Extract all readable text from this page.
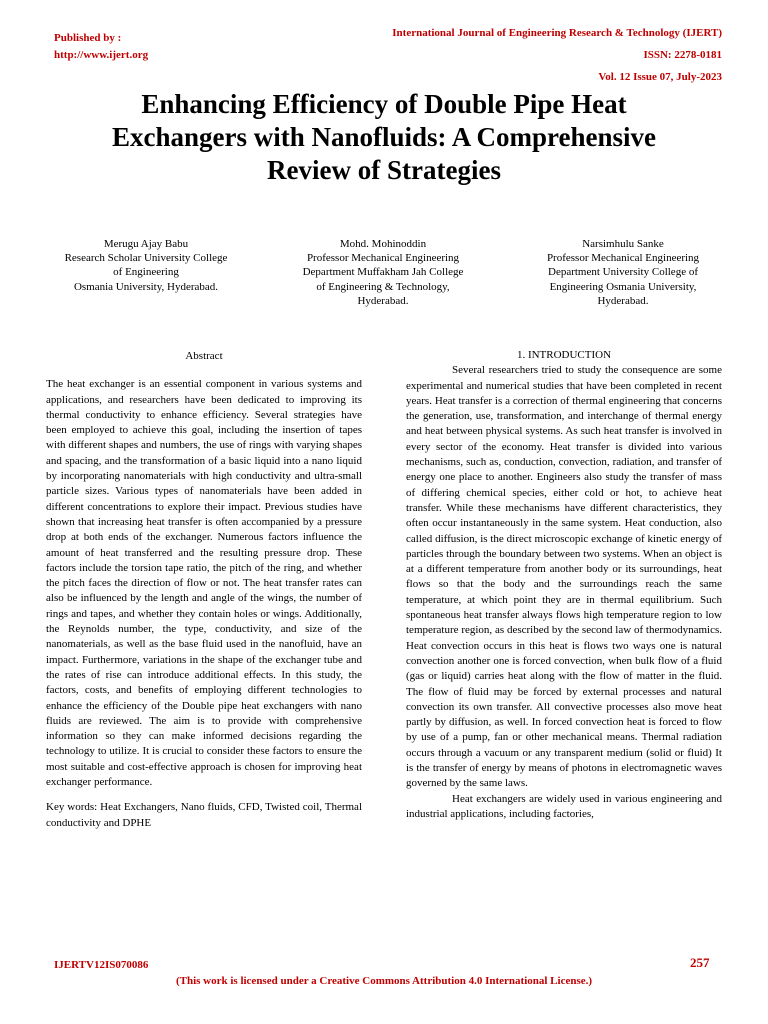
Published by :
http://www.ijert.org
International Journal of Engineering Research & Technology (IJERT)
ISSN: 2278-0181
Vol. 12 Issue 07, July-2023
Enhancing Efficiency of Double Pipe Heat
Exchangers with Nanofluids: A Comprehensive
Review of Strategies
Merugu Ajay Babu
Research Scholar University College
of Engineering
Osmania University, Hyderabad.
Mohd. Mohinoddin
Professor Mechanical Engineering
Department Muffakham Jah College
of Engineering & Technology,
Hyderabad.
Narsimhulu Sanke
Professor Mechanical Engineering
Department University College of
Engineering Osmania University,
Hyderabad.
Abstract

The heat exchanger is an essential component in various systems and applications, and researchers have been dedicated to improving its thermal conductivity to enhance efficiency. Several strategies have been employed to achieve this goal, including the insertion of tapes with different shapes and numbers, the use of rings with varying shapes and spacing, and the transformation of a basic liquid into a nano liquid by incorporating nanomaterials with high conductivity and ultra-small particle sizes. Various types of nanomaterials have been added in different concentrations to explore their impact. Previous studies have shown that increasing heat transfer is often accompanied by a pressure drop at both ends of the exchanger. Numerous factors influence the amount of heat transferred and the resulting pressure drop. These factors include the torsion tape ratio, the pitch of the ring, and whether the pitch faces the direction of flow or not. The heat transfer rates can also be influenced by the length and angle of the wings, the number of rings and tapes, and whether they contain holes or wings. Additionally, the Reynolds number, the type, conductivity, and size of the nanomaterials, as well as the base fluid used in the nanofluid, have an impact. Furthermore, variations in the shape of the exchanger tube and the rates of rise can introduce additional effects. In this study, the factors, costs, and benefits of employing different technologies to enhance the efficiency of the Double pipe heat exchangers with nano fluids are reviewed. The aim is to provide with comprehensive information so they can make informed decisions regarding the technology to utilize. It is crucial to consider these factors to ensure the most suitable and cost-effective approach is chosen for improving heat exchanger performance.

Key words: Heat Exchangers, Nano fluids, CFD, Twisted coil, Thermal conductivity and DPHE

1. INTRODUCTION

Several researchers tried to study the consequence are some experimental and numerical studies that have been completed in recent years. Heat transfer is a correction of thermal engineering that concerns the generation, use, transformation, and interchange of thermal energy and heat between physical systems. As such heat transfer is involved in every sector of the economy. Heat transfer is divided into various mechanisms, such as, conduction, convection, radiation, and transfer of energy one place to another. Engineers also study the transfer of mass of differing chemical species, either cold or hot, to achieve heat transfer. While these mechanisms have different characteristics, they often occur instantaneously in the same system. Heat conduction, also called diffusion, is the direct microscopic exchange of kinetic energy of particles through the boundary between two systems. When an object is at a different temperature from another body or its surroundings, heat flows so that the body and the surroundings reach the same temperature, at which point they are in thermal equilibrium. Such spontaneous heat transfer always flows high temperature region to low temperature region, as described by the second law of thermodynamics. Heat convection occurs in this heat is flows two ways one is natural convection another one is forced convection, when bulk flow of a fluid (gas or liquid) carries heat along with the flow of matter in the fluid. The flow of fluid may be forced by external processes and natural convection its own transfer. All convective processes also move heat partly by diffusion, as well. In forced convection heat is forced to flow by use of a pump, fan or other mechanical means. Thermal radiation occurs through a vacuum or any transparent medium (solid or fluid) It is the transfer of energy by means of photons in electromagnetic waves governed by the same laws.

Heat exchangers are widely used in various engineering and industrial applications, including factories,

IJERTV12IS070086	257
(This work is licensed under a Creative Commons Attribution 4.0 International License.)
